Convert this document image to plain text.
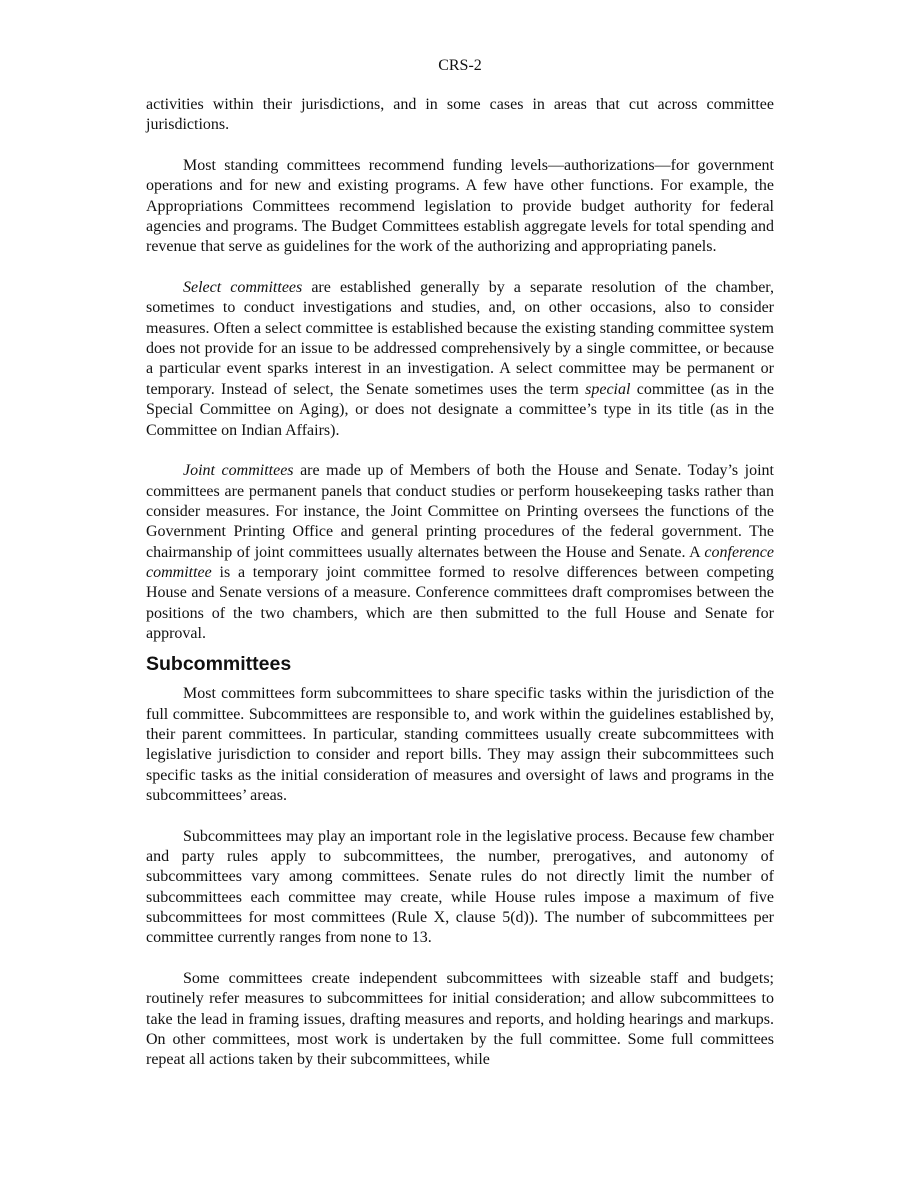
CRS-2

activities within their jurisdictions, and in some cases in areas that cut across committee jurisdictions.

Most standing committees recommend funding levels—authorizations—for government operations and for new and existing programs. A few have other functions. For example, the Appropriations Committees recommend legislation to provide budget authority for federal agencies and programs. The Budget Committees establish aggregate levels for total spending and revenue that serve as guidelines for the work of the authorizing and appropriating panels.

Select committees are established generally by a separate resolution of the chamber, sometimes to conduct investigations and studies, and, on other occasions, also to consider measures. Often a select committee is established because the existing standing committee system does not provide for an issue to be addressed comprehensively by a single committee, or because a particular event sparks interest in an investigation. A select committee may be permanent or temporary. Instead of select, the Senate sometimes uses the term special committee (as in the Special Committee on Aging), or does not designate a committee’s type in its title (as in the Committee on Indian Affairs).

Joint committees are made up of Members of both the House and Senate. Today’s joint committees are permanent panels that conduct studies or perform housekeeping tasks rather than consider measures. For instance, the Joint Committee on Printing oversees the functions of the Government Printing Office and general printing procedures of the federal government. The chairmanship of joint committees usually alternates between the House and Senate. A conference committee is a temporary joint committee formed to resolve differences between competing House and Senate versions of a measure. Conference committees draft compromises between the positions of the two chambers, which are then submitted to the full House and Senate for approval.

Subcommittees

Most committees form subcommittees to share specific tasks within the jurisdiction of the full committee. Subcommittees are responsible to, and work within the guidelines established by, their parent committees. In particular, standing committees usually create subcommittees with legislative jurisdiction to consider and report bills. They may assign their subcommittees such specific tasks as the initial consideration of measures and oversight of laws and programs in the subcommittees’ areas.

Subcommittees may play an important role in the legislative process. Because few chamber and party rules apply to subcommittees, the number, prerogatives, and autonomy of subcommittees vary among committees. Senate rules do not directly limit the number of subcommittees each committee may create, while House rules impose a maximum of five subcommittees for most committees (Rule X, clause 5(d)). The number of subcommittees per committee currently ranges from none to 13.

Some committees create independent subcommittees with sizeable staff and budgets; routinely refer measures to subcommittees for initial consideration; and allow subcommittees to take the lead in framing issues, drafting measures and reports, and holding hearings and markups. On other committees, most work is undertaken by the full committee. Some full committees repeat all actions taken by their subcommittees, while
